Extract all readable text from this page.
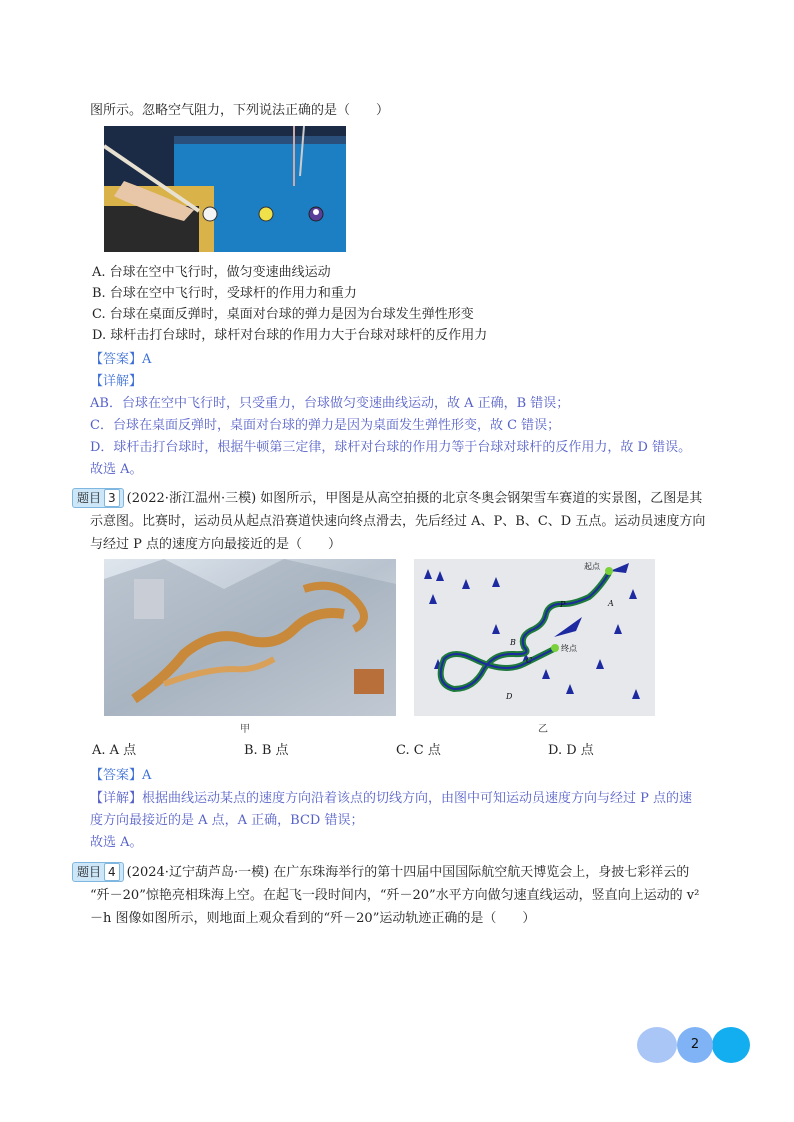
图所示。忽略空气阻力，下列说法正确的是（　　）
A. 台球在空中飞行时，做匀变速曲线运动
B. 台球在空中飞行时，受球杆的作用力和重力
C. 台球在桌面反弹时，桌面对台球的弹力是因为台球发生弹性形变
D. 球杆击打台球时，球杆对台球的作用力大于台球对球杆的反作用力
【答案】A
【详解】
AB．台球在空中飞行时，只受重力，台球做匀变速曲线运动，故 A 正确，B 错误；
C．台球在桌面反弹时，桌面对台球的弹力是因为桌面发生弹性形变，故 C 错误；
D．球杆击打台球时，根据牛顿第三定律，球杆对台球的作用力等于台球对球杆的反作用力，故 D 错误。
故选 A。
题目 3 (2022·浙江温州·三模) 如图所示，甲图是从高空拍摄的北京冬奥会钢架雪车赛道的实景图，乙图是其
示意图。比赛时，运动员从起点沿赛道快速向终点滑去，先后经过 A、P、B、C、D 五点。运动员速度方向
与经过 P 点的速度方向最接近的是（　　）
甲
起点
终点
P	A
B
C
D
乙
A. A 点	B. B 点	C. C 点	D. D 点
【答案】A
【详解】根据曲线运动某点的速度方向沿着该点的切线方向，由图中可知运动员速度方向与经过 P 点的速
度方向最接近的是 A 点，A 正确，BCD 错误；
故选 A。
题目 4 (2024·辽宁葫芦岛·一模) 在广东珠海举行的第十四届中国国际航空航天博览会上，身披七彩祥云的
“歼－20”惊艳亮相珠海上空。在起飞一段时间内，“歼－20”水平方向做匀速直线运动，竖直向上运动的 v²
－h 图像如图所示，则地面上观众看到的“歼－20”运动轨迹正确的是（　　）
2
